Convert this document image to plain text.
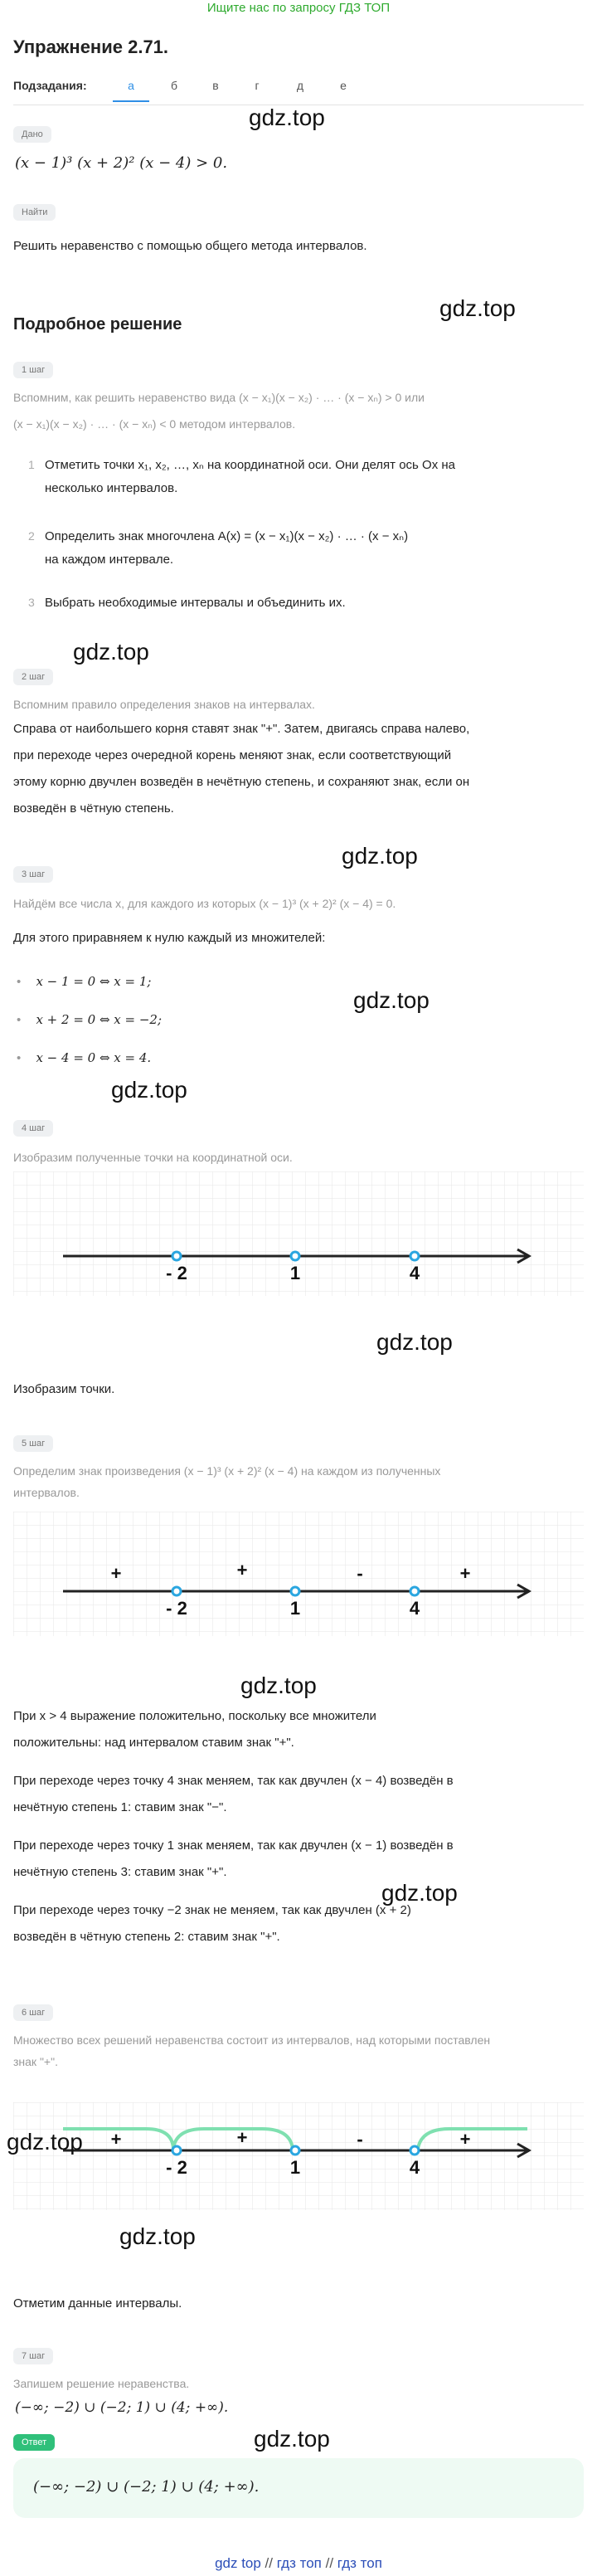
Ищите нас по запросу ГДЗ ТОП
Упражнение 2.71.
Подзадания:	а	б	в	г	д	е
Дано
(x − 1)³ (x + 2)² (x − 4) > 0.
Найти
Решить неравенство с помощью общего метода интервалов.
Подробное решение
1 шаг
Вспомним, как решить неравенство вида (x − x₁)(x − x₂) · … · (x − xₙ) > 0 или
(x − x₁)(x − x₂) · … · (x − xₙ) < 0 методом интервалов.
1 Отметить точки x₁, x₂, …, xₙ на координатной оси. Они делят ось Ox на
несколько интервалов.
2 Определить знак многочлена A(x) = (x − x₁)(x − x₂) · … · (x − xₙ)
на каждом интервале.
3 Выбрать необходимые интервалы и объединить их.
2 шаг
Вспомним правило определения знаков на интервалах.
Справа от наибольшего корня ставят знак "+". Затем, двигаясь справа налево,
при переходе через очередной корень меняют знак, если соответствующий
этому корню двучлен возведён в нечётную степень, и сохраняют знак, если он
возведён в чётную степень.
3 шаг
Найдём все числа x, для каждого из которых (x − 1)³ (x + 2)² (x − 4) = 0.
Для этого приравняем к нулю каждый из множителей:
• x − 1 = 0 ⇔ x = 1;
• x + 2 = 0 ⇔ x = −2;
• x − 4 = 0 ⇔ x = 4.
4 шаг
Изобразим полученные точки на координатной оси.
- 2	1	4
Изобразим точки.
5 шаг
Определим знак произведения (x − 1)³ (x + 2)² (x − 4) на каждом из полученных
интервалов.
- 2	1	4
+	+	-	+
При x > 4 выражение положительно, поскольку все множители
положительны: над интервалом ставим знак "+".
При переходе через точку 4 знак меняем, так как двучлен (x − 4) возведён в
нечётную степень 1: ставим знак "−".
При переходе через точку 1 знак меняем, так как двучлен (x − 1) возведён в
нечётную степень 3: ставим знак "+".
При переходе через точку −2 знак не меняем, так как двучлен (x + 2)
возведён в чётную степень 2: ставим знак "+".
6 шаг
Множество всех решений неравенства состоит из интервалов, над которыми поставлен
знак "+".
- 2	1	4
+	+	-	+
Отметим данные интервалы.
7 шаг
Запишем решение неравенства.
(−∞; −2) ∪ (−2; 1) ∪ (4; +∞).
Ответ
(−∞; −2) ∪ (−2; 1) ∪ (4; +∞).
gdz.top
gdz.top
gdz.top
gdz.top
gdz.top
gdz.top
gdz.top
gdz.top
gdz.top
gdz.top
gdz.top
gdz.top
gdz top // гдз топ // гдз топ
